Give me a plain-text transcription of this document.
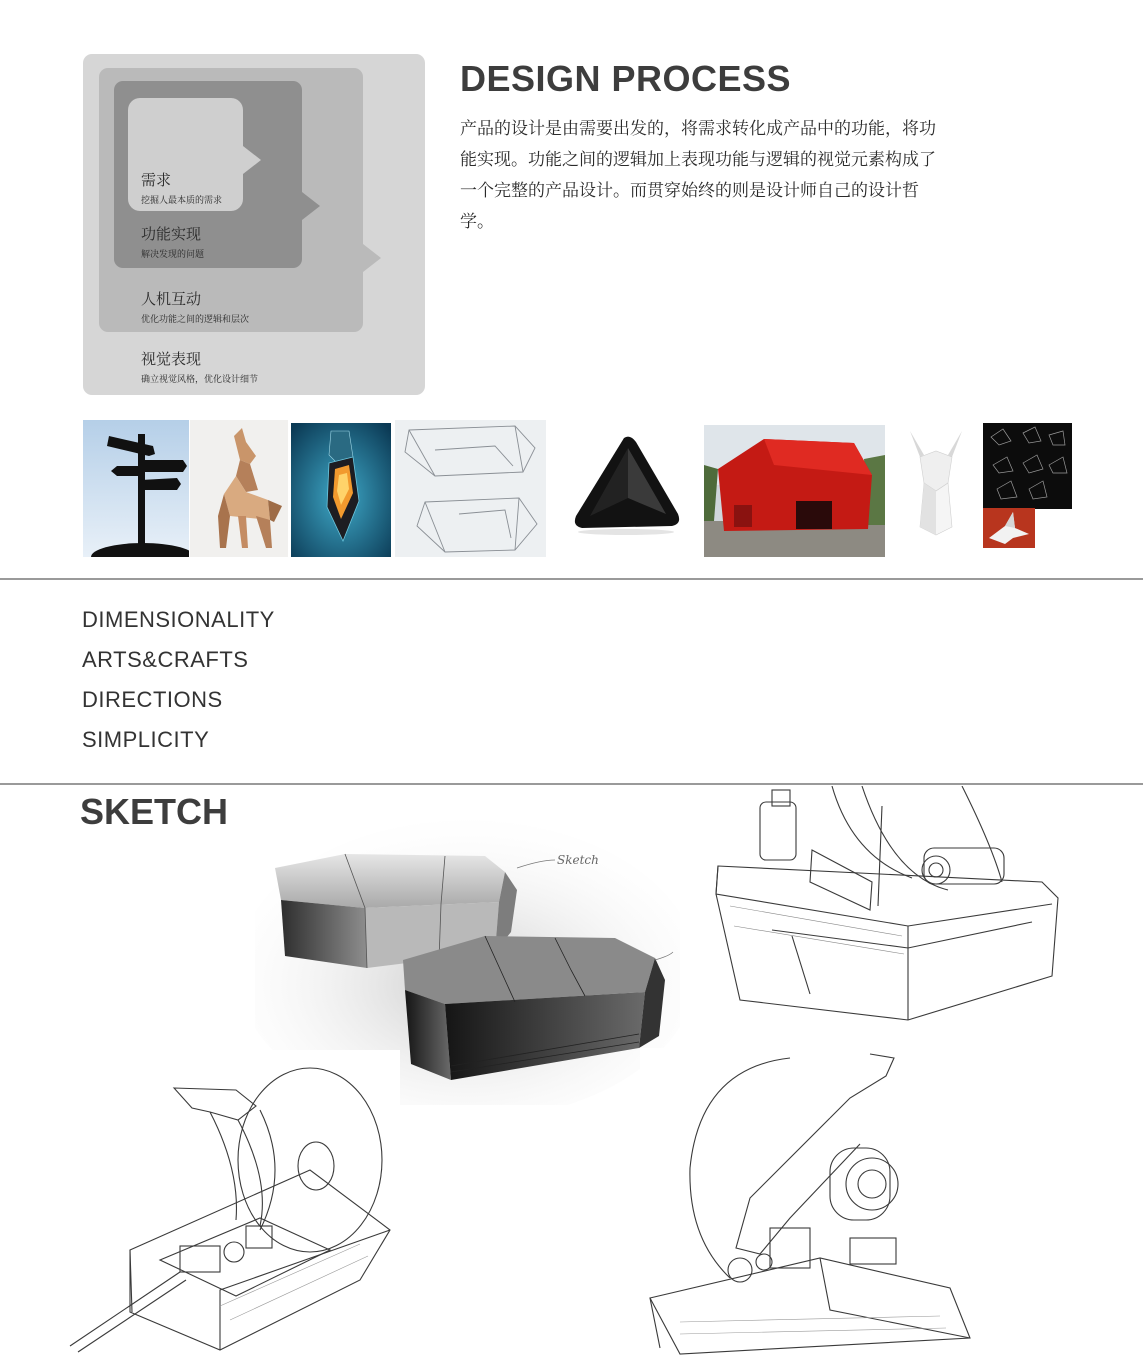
需求
挖掘人最本质的需求
功能实现
解决发现的问题
人机互动
优化功能之间的逻辑和层次
视觉表现
确立视觉风格，优化设计细节
DESIGN PROCESS
产品的设计是由需要出发的，将需求转化成产品中的功能，将功能实现。功能之间的逻辑加上表现功能与逻辑的视觉元素构成了一个完整的产品设计。而贯穿始终的则是设计师自己的设计哲学。
DIMENSIONALITY
ARTS&CRAFTS
DIRECTIONS
SIMPLICITY
SKETCH
Sketch
